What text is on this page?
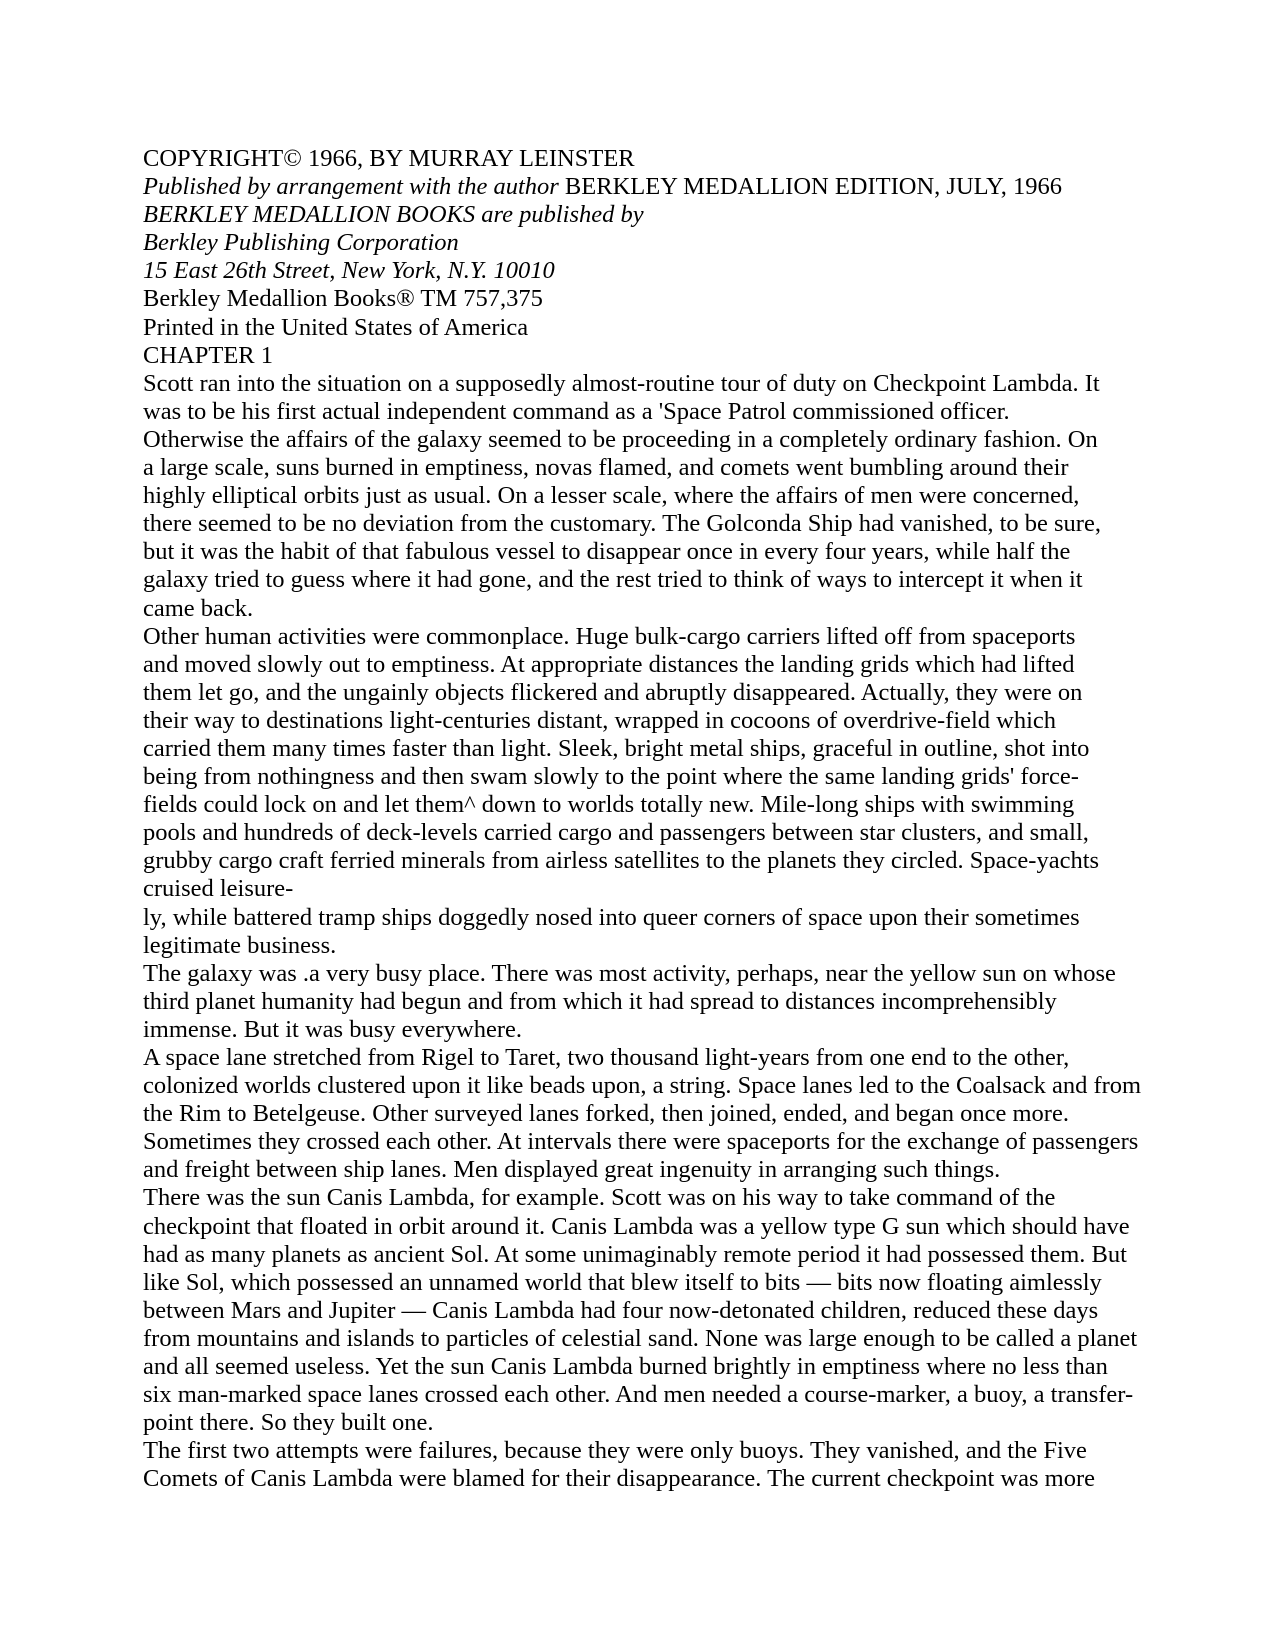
COPYRIGHT© 1966, BY MURRAY LEINSTER
Published by arrangement with the author BERKLEY MEDALLION EDITION, JULY, 1966
BERKLEY MEDALLION BOOKS are published by
Berkley Publishing Corporation
15 East 26th Street, New York, N.Y. 10010
Berkley Medallion Books® TM 757,375
Printed in the United States of America
CHAPTER 1
Scott ran into the situation on a supposedly almost-routine tour of duty on Checkpoint Lambda. It
was to be his first actual independent command as a 'Space Patrol commissioned officer.
Otherwise the affairs of the galaxy seemed to be proceeding in a completely ordinary fashion. On
a large scale, suns burned in emptiness, novas flamed, and comets went bumbling around their
highly elliptical orbits just as usual. On a lesser scale, where the affairs of men were concerned,
there seemed to be no deviation from the customary. The Golconda Ship had vanished, to be sure,
but it was the habit of that fabulous vessel to disappear once in every four years, while half the
galaxy tried to guess where it had gone, and the rest tried to think of ways to intercept it when it
came back.
Other human activities were commonplace. Huge bulk-cargo carriers lifted off from spaceports
and moved slowly out to emptiness. At appropriate distances the landing grids which had lifted
them let go, and the ungainly objects flickered and abruptly disappeared. Actually, they were on
their way to destinations light-centuries distant, wrapped in cocoons of overdrive-field which
carried them many times faster than light. Sleek, bright metal ships, graceful in outline, shot into
being from nothingness and then swam slowly to the point where the same landing grids' force-
fields could lock on and let them^ down to worlds totally new. Mile-long ships with swimming
pools and hundreds of deck-levels carried cargo and passengers between star clusters, and small,
grubby cargo craft ferried minerals from airless satellites to the planets they circled. Space-yachts
cruised leisure-
ly, while battered tramp ships doggedly nosed into queer corners of space upon their sometimes
legitimate business.
The galaxy was .a very busy place. There was most activity, perhaps, near the yellow sun on whose
third planet humanity had begun and from which it had spread to distances incomprehensibly
immense. But it was busy everywhere.
A space lane stretched from Rigel to Taret, two thousand light-years from one end to the other,
colonized worlds clustered upon it like beads upon, a string. Space lanes led to the Coalsack and from
the Rim to Betelgeuse. Other surveyed lanes forked, then joined, ended, and began once more.
Sometimes they crossed each other. At intervals there were spaceports for the exchange of passengers
and freight between ship lanes. Men displayed great ingenuity in arranging such things.
There was the sun Canis Lambda, for example. Scott was on his way to take command of the
checkpoint that floated in orbit around it. Canis Lambda was a yellow type G sun which should have
had as many planets as ancient Sol. At some unimaginably remote period it had possessed them. But
like Sol, which possessed an unnamed world that blew itself to bits — bits now floating aimlessly
between Mars and Jupiter — Canis Lambda had four now-detonated children, reduced these days
from mountains and islands to particles of celestial sand. None was large enough to be called a planet
and all seemed useless. Yet the sun Canis Lambda burned brightly in emptiness where no less than
six man-marked space lanes crossed each other. And men needed a course-marker, a buoy, a transfer-
point there. So they built one.
The first two attempts were failures, because they were only buoys. They vanished, and the Five
Comets of Canis Lambda were blamed for their disappearance. The current checkpoint was more
